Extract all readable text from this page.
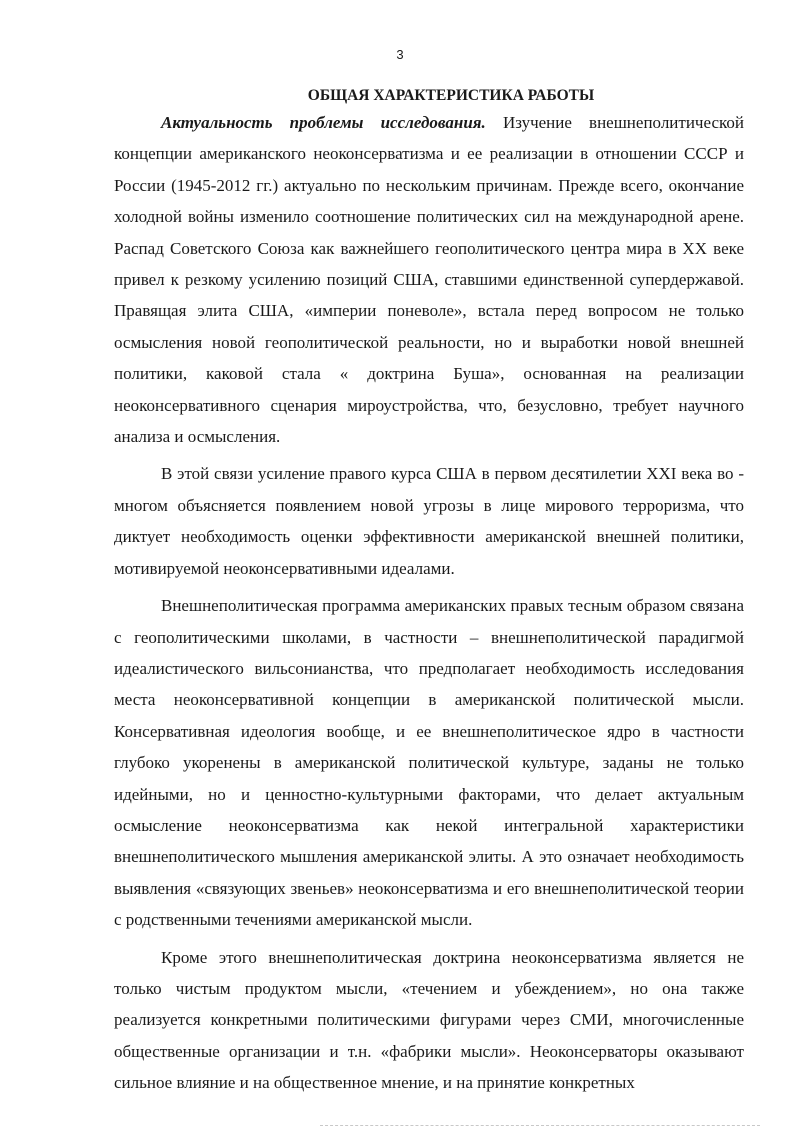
3
ОБЩАЯ ХАРАКТЕРИСТИКА РАБОТЫ

Актуальность проблемы исследования. Изучение внешнеполитической концепции американского неоконсерватизма и ее реализации в отношении СССР и России (1945-2012 гг.) актуально по нескольким причинам. Прежде всего, окончание холодной войны изменило соотношение политических сил на международной арене. Распад Советского Союза как важнейшего геополитического центра мира в XX веке привел к резкому усилению позиций США, ставшими единственной супердержавой. Правящая элита США, «империи поневоле», встала перед вопросом не только осмысления новой геополитической реальности, но и выработки новой внешней политики, каковой стала « доктрина Буша», основанная на реализации неоконсервативного сценария мироустройства, что, безусловно, требует научного анализа и осмысления.

В этой связи усиление правого курса США в первом десятилетии XXI века во - многом объясняется появлением новой угрозы в лице мирового терроризма, что диктует необходимость оценки эффективности американской внешней политики, мотивируемой неоконсервативными идеалами.

Внешнеполитическая программа американских правых тесным образом связана с геополитическими школами, в частности – внешнеполитической парадигмой идеалистического вильсонианства, что предполагает необходимость исследования места неоконсервативной концепции в американской политической мысли. Консервативная идеология вообще, и ее внешнеполитическое ядро в частности глубоко укоренены в американской политической культуре, заданы не только идейными, но и ценностно-культурными факторами, что делает актуальным осмысление неоконсерватизма как некой интегральной характеристики внешнеполитического мышления американской элиты. А это означает необходимость выявления «связующих звеньев» неоконсерватизма и его внешнеполитической теории с родственными течениями американской мысли.

Кроме этого внешнеполитическая доктрина неоконсерватизма является не только чистым продуктом мысли, «течением и убеждением», но она также реализуется конкретными политическими фигурами через СМИ, многочисленные общественные организации и т.н. «фабрики мысли». Неоконсерваторы оказывают сильное влияние и на общественное мнение, и на принятие конкретных
